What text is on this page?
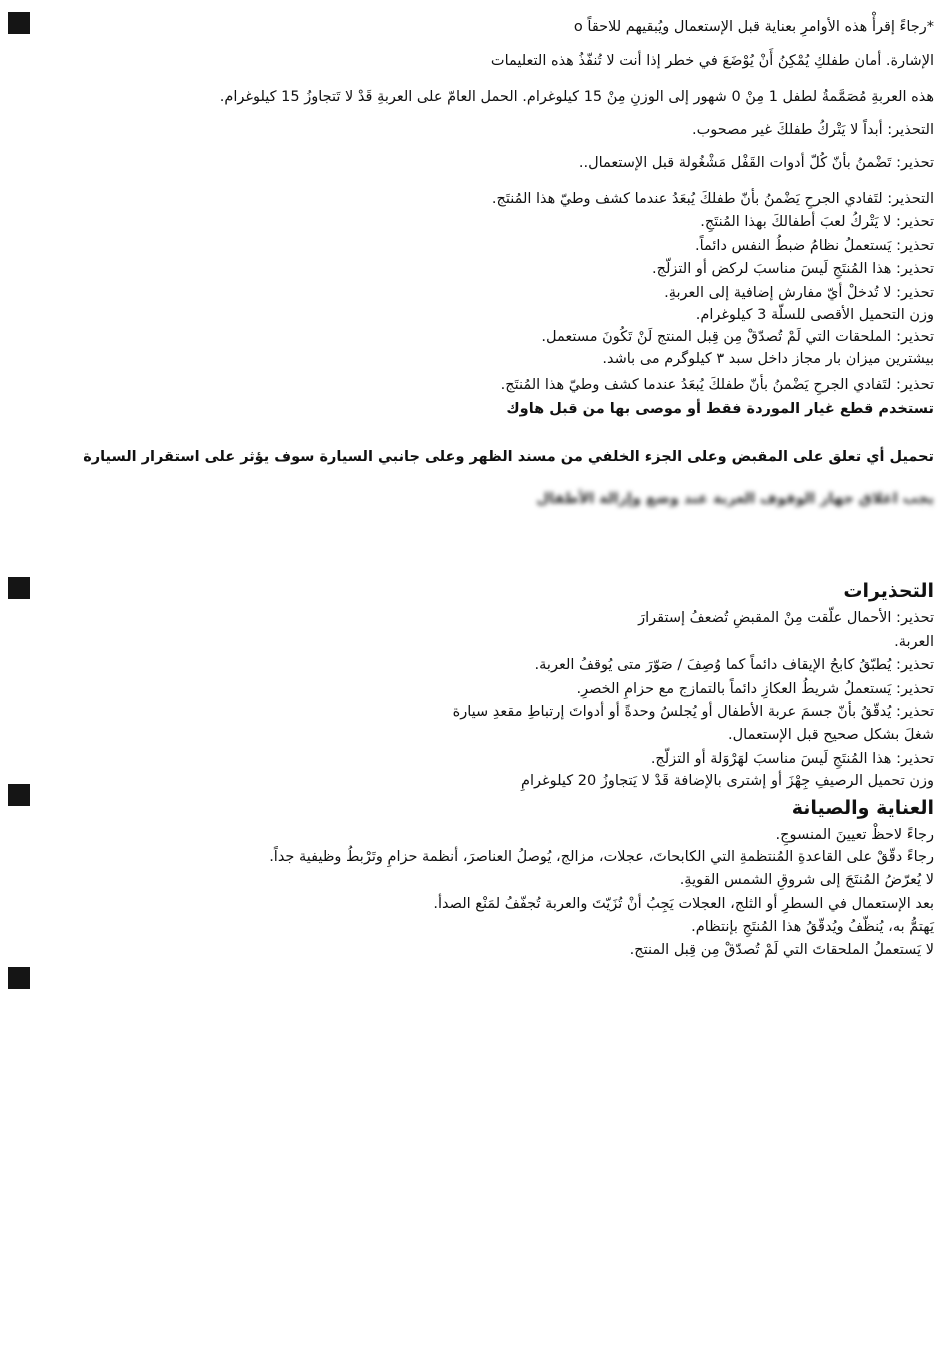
*رجاءً إقرأْ هذه الأوامرِ بعناية قبل الإستعمال ويُبقيهم للاحقاً o
الإشارة. أمان طفلكِ يُمْكِنُ أَنْ يُوْضَعَ في خطر إذا أنت لا تُنفّذُ هذه التعليمات
هذه العربةِ مُصَمَّمةُ لطفل 1 مِنْ 0 شهور إلى الوزنِ مِنْ 15 كيلوغرام. الحمل العامّ على العربةِ قَدْ لا تَتجاوزُ 15 كيلوغرام.
التحذير: أبداً لا يَتْركُ طفلكَ غير مصحوب.
تحذير: تَضْمنُ بأنّ كُلّ أدوات القَفْل مَشْغُولة قبل الإستعمال..
التحذير: لتَفادي الجرحِ يَضْمنُ بأنّ طفلكَ يُبعَدُ عندما كشف وطيّ هذا المُنتَج.
تحذير: لا يَتْركُ لعبَ أطفالكَ بهذا المُنتَجِ.
تحذير: يَستعملُ نظامُ ضبطُ النفس دائماً.
تحذير: هذا المُنتَجِ لَيسَ مناسبَ لركض أو التزلّج.
تحذير: لا تُدخلْ أيّ مفارش إضافية إلى العربةِ.
وزن التحميل الأقصى للسلّة 3 كيلوغرام.
تحذير: الملحقات التي لَمْ تُصدّقْ مِن قِبل المنتج لَنْ تَكُونَ مستعمل.
بيشترين ميزان بار مجاز داخل سبد ۳ كيلوگرم مى باشد.
تحذير: لتَفادي الجرحِ يَضْمنُ بأنّ طفلكَ يُبعَدُ عندما كشف وطيّ هذا المُنتَج.
تستخدم قطع غيار الموردة فقط أو موصى بها من قبل هاوك
تحميل أي تعلق على المقبض وعلى الجزء الخلفي من مسند الظهر وعلى جانبي السيارة سوف يؤثر على استقرار السيارة
يجب اغلاق جهاز الوقوف العربة عند وضع وإزالة الأطفال
التحذيرات
تحذير: الأحمال علّقت مِنْ المقبضِ تُضعفُ إستقرارَ
العربة.
تحذير: يُطبّقُ كابحُ الإيقاف دائماً كما وُصِفَ / صَوّرَ متى يُوقفُ العربة.
تحذير: يَستعملُ شريطُ العكازِ دائماً بالتمازج مع حزامِ الخصرِ.
تحذير: يُدقّقُ بأنّ جسمَ عربة الأطفال أو يُجلسُ وحدةً أو أدواتَ إرتباطِ مقعدِ سيارة
شغلَ بشكل صحيح قبل الإستعمال.
تحذير: هذا المُنتَجِ لَيسَ مناسبَ لهَرْوَلة أو التزلّج.
وزن تحميل الرصيفِ جِهْزَ أو إشترى بالإضافة قَدْ لا يَتجاوزُ 20 كيلوغرامِ
العناية والصيانة
رجاءً لاحظْ تعيينَ المنسوجِ.
رجاءً دقّقْ على القاعدةِ المُنتظمةِ التي الكابحاتَ، عجلات، مزالج، يُوصلُ العناصرَ، أنظمة حزامِ وتَرْبطُ وظيفية جداً.
لا يُعرّضُ المُنتَجَ إلى شروقِ الشمس القويةِ.
بعد الإستعمال في السطرِ أو الثلج، العجلات يَجِبُ أنْ تُزَيّتَ والعربة تُجفّفُ لمَنْع الصدأ.
يَهتمُّ به، يُنظّفُ ويُدقّقُ هذا المُنتَجِ بإنتظام.
لا يَستعملُ الملحقاتَ التي لَمْ تُصدّقْ مِن قِبل المنتج.
